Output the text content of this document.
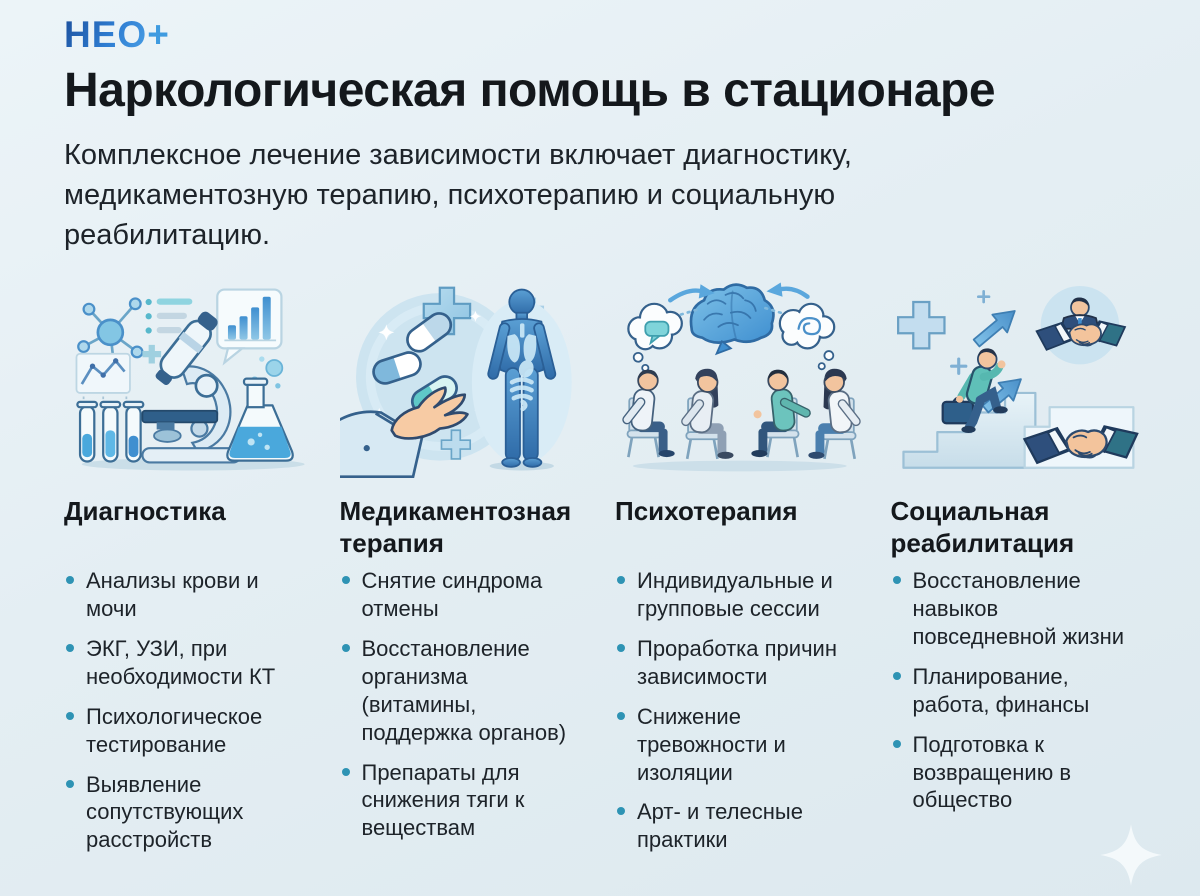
НЕО+
Наркологическая помощь в стационаре

Комплексное лечение зависимости включает диагностику, медикаментозную терапию, психотерапию и социальную реабилитацию.

Диагностика
Анализы крови и мочи
ЭКГ, УЗИ, при необходимости КТ
Психологическое тестирование
Выявление сопутствующих расстройств
Медикаментозная терапия
Снятие синдрома отмены
Восстановление организма (витамины, поддержка органов)
Препараты для снижения тяги к веществам
Психотерапия
Индивидуальные и групповые сессии
Проработка причин зависимости
Снижение тревожности и изоляции
Арт- и телесные практики
Социальная реабилитация
Восстановление навыков повседневной жизни
Планирование, работа, финансы
Подготовка к возвращению в общество
